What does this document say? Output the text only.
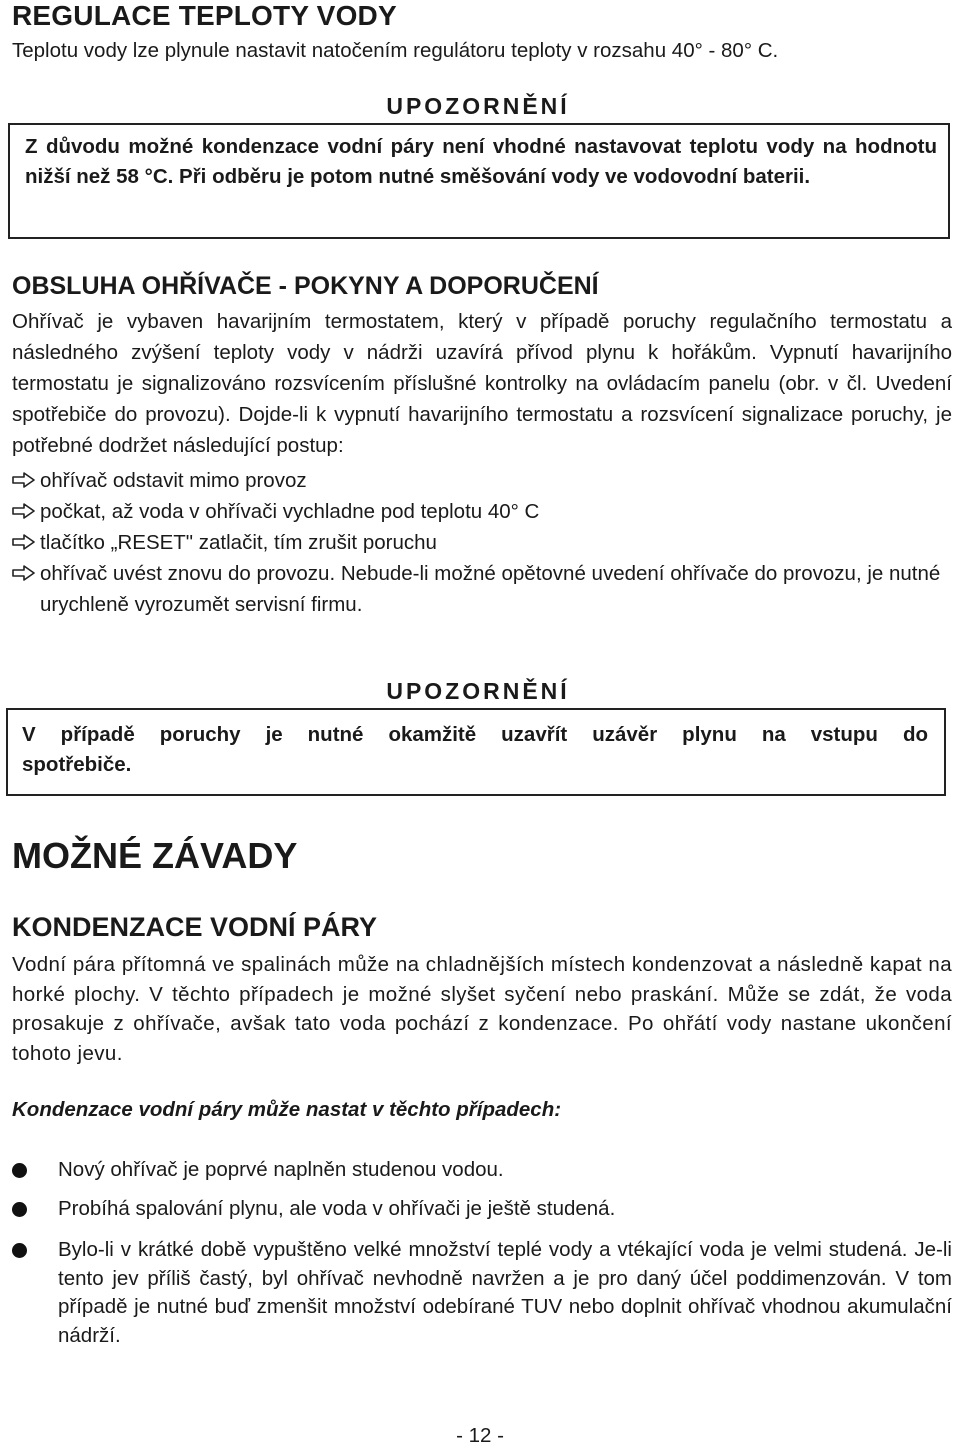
REGULACE TEPLOTY VODY
Teplotu vody lze plynule nastavit natočením regulátoru teploty v rozsahu 40° - 80° C.
UPOZORNĚNÍ
Z důvodu možné kondenzace vodní páry není vhodné nastavovat teplotu vody na hodnotu nižší než 58 °C. Při odběru je potom nutné směšování vody ve vodovodní baterii.
OBSLUHA OHŘÍVAČE - POKYNY A DOPORUČENÍ
Ohřívač je vybaven havarijním termostatem, který v případě poruchy regulačního termostatu a následného zvýšení teploty vody v nádrži uzavírá přívod plynu k hořákům. Vypnutí havarijního termostatu je signalizováno rozsvícením příslušné kontrolky na ovládacím panelu (obr. v čl. Uvedení spotřebiče do provozu). Dojde-li k vypnutí havarijního termostatu a rozsvícení signalizace poruchy, je potřebné dodržet následující postup:
ohřívač odstavit mimo provoz
počkat, až voda v ohřívači vychladne pod teplotu 40° C
tlačítko „RESET" zatlačit, tím zrušit poruchu
ohřívač uvést znovu do provozu. Nebude-li možné opětovné uvedení ohřívače do provozu, je nutné urychleně vyrozumět servisní firmu.
UPOZORNĚNÍ
V případě poruchy je nutné okamžitě uzavřít uzávěr plynu na vstupu do
spotřebiče.
MOŽNÉ ZÁVADY
KONDENZACE VODNÍ PÁRY
Vodní pára přítomná ve spalinách může na chladnějších místech kondenzovat a následně kapat na horké plochy. V těchto případech je možné slyšet syčení nebo praskání. Může se zdát, že voda prosakuje z ohřívače, avšak tato voda pochází z kondenzace. Po ohřátí vody nastane ukončení tohoto jevu.
Kondenzace vodní páry může nastat v těchto případech:
Nový ohřívač je poprvé naplněn studenou vodou.
Probíhá spalování plynu, ale voda v ohřívači je ještě studená.
Bylo-li v krátké době vypuštěno velké množství teplé vody a vtékající voda je velmi studená. Je-li tento jev příliš častý, byl ohřívač nevhodně navržen a je pro daný účel poddimenzován. V tom případě je nutné buď zmenšit množství odebírané TUV nebo doplnit ohřívač vhodnou akumulační nádrží.
- 12 -
